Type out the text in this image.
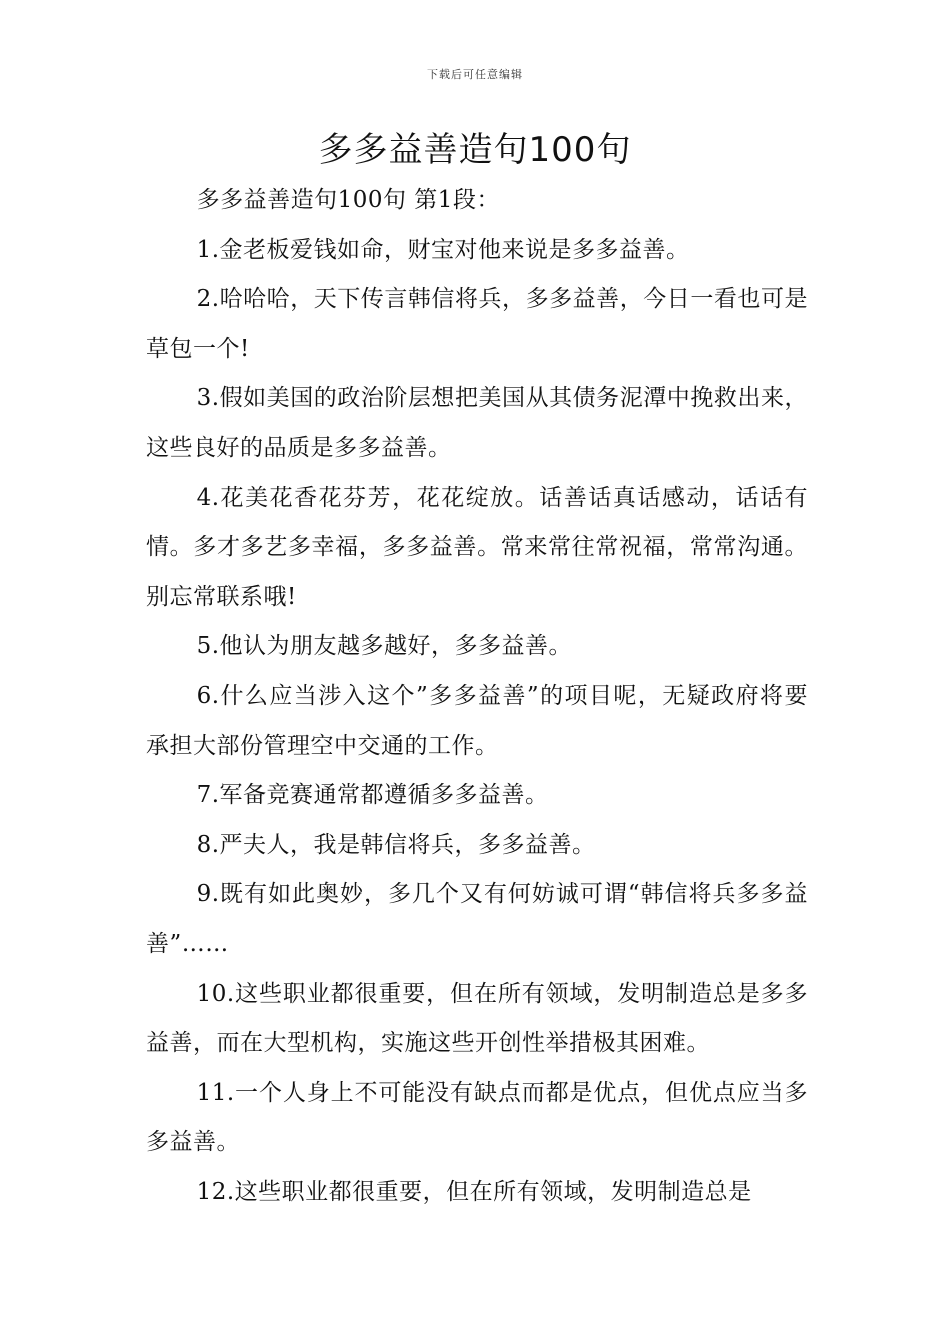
下载后可任意编辑
多多益善造句100句

多多益善造句100句 第1段：

1.金老板爱钱如命，财宝对他来说是多多益善。

2.哈哈哈，天下传言韩信将兵，多多益善，今日一看也可是草包一个!

3.假如美国的政治阶层想把美国从其债务泥潭中挽救出来，这些良好的品质是多多益善。

4.花美花香花芬芳，花花绽放。话善话真话感动，话话有情。多才多艺多幸福，多多益善。常来常往常祝福，常常沟通。别忘常联系哦!

5.他认为朋友越多越好，多多益善。

6.什么应当涉入这个”多多益善”的项目呢，无疑政府将要承担大部份管理空中交通的工作。

7.军备竞赛通常都遵循多多益善。

8.严夫人，我是韩信将兵，多多益善。

9.既有如此奥妙，多几个又有何妨诚可谓“韩信将兵多多益善”……

10.这些职业都很重要，但在所有领域，发明制造总是多多益善，而在大型机构，实施这些开创性举措极其困难。

11.一个人身上不可能没有缺点而都是优点，但优点应当多多益善。

12.这些职业都很重要，但在所有领域，发明制造总是
